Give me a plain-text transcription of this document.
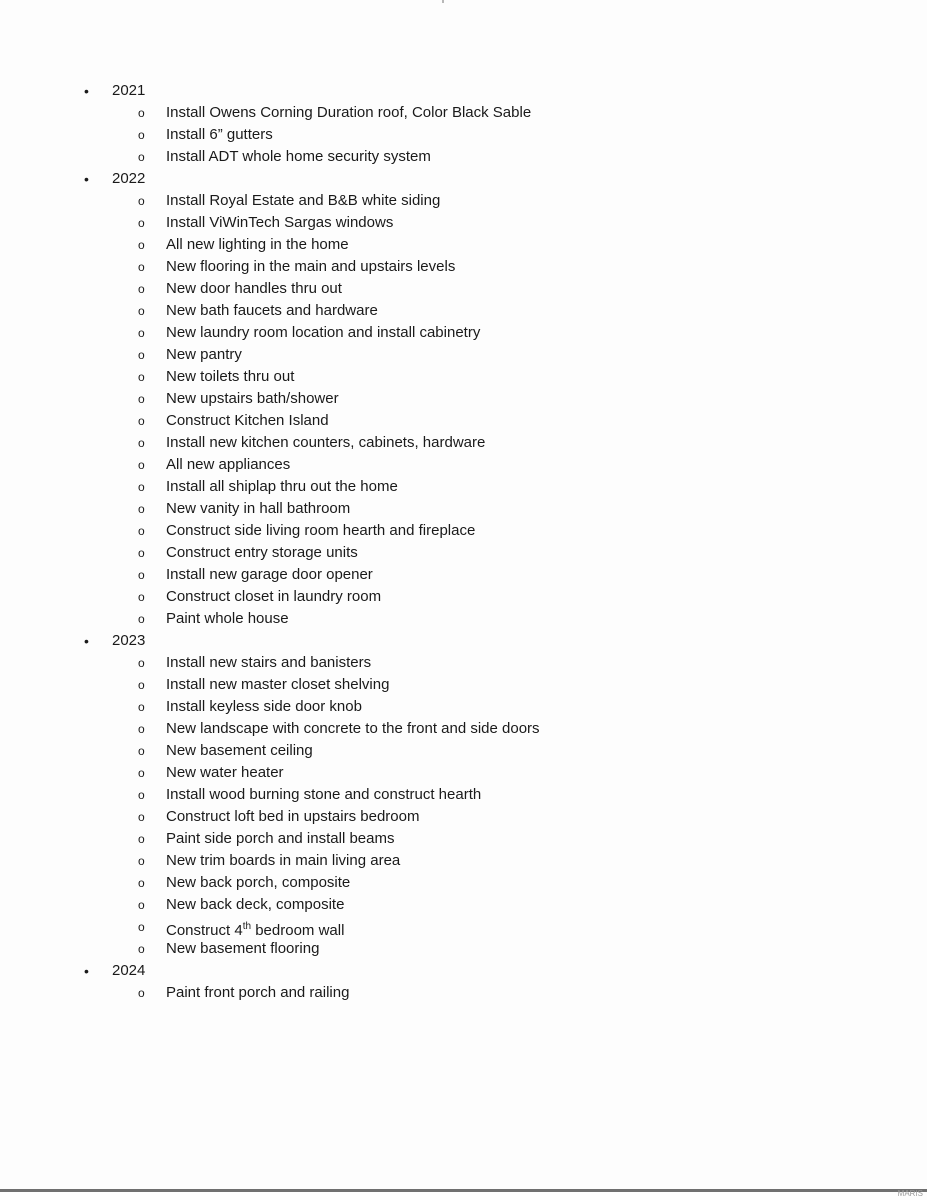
• 2021
o Install Owens Corning Duration roof, Color Black Sable
o Install 6” gutters
o Install ADT whole home security system
• 2022
o Install Royal Estate and B&B white siding
o Install ViWinTech Sargas windows
o All new lighting in the home
o New flooring in the main and upstairs levels
o New door handles thru out
o New bath faucets and hardware
o New laundry room location and install cabinetry
o New pantry
o New toilets thru out
o New upstairs bath/shower
o Construct Kitchen Island
o Install new kitchen counters, cabinets, hardware
o All new appliances
o Install all shiplap thru out the home
o New vanity in hall bathroom
o Construct side living room hearth and fireplace
o Construct entry storage units
o Install new garage door opener
o Construct closet in laundry room
o Paint whole house
• 2023
o Install new stairs and banisters
o Install new master closet shelving
o Install keyless side door knob
o New landscape with concrete to the front and side doors
o New basement ceiling
o New water heater
o Install wood burning stone and construct hearth
o Construct loft bed in upstairs bedroom
o Paint side porch and install beams
o New trim boards in main living area
o New back porch, composite
o New back deck, composite
o Construct 4th bedroom wall
o New basement flooring
• 2024
o Paint front porch and railing
MARIS
